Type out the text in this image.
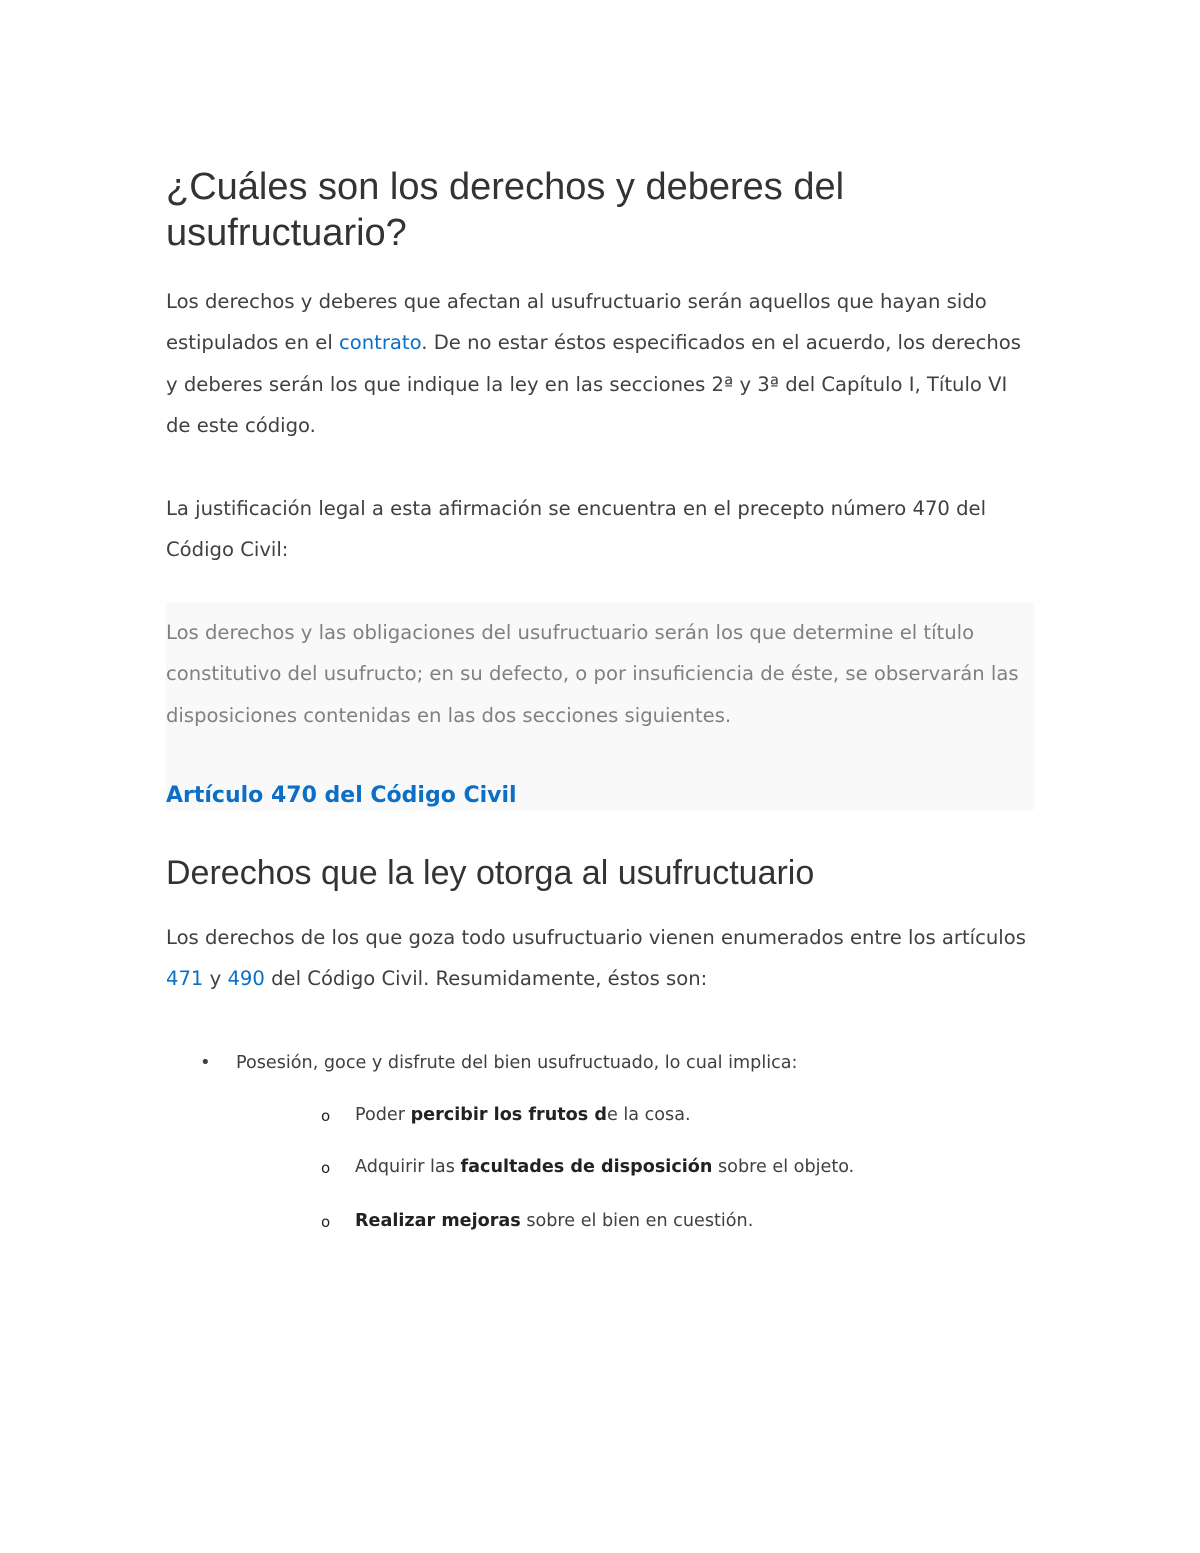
¿Cuáles son los derechos y deberes del usufructuario?

Los derechos y deberes que afectan al usufructuario serán aquellos que hayan sido estipulados en el contrato. De no estar éstos especificados en el acuerdo, los derechos y deberes serán los que indique la ley en las secciones 2ª y 3ª del Capítulo I, Título VI de este código.

La justificación legal a esta afirmación se encuentra en el precepto número 470 del Código Civil:

Los derechos y las obligaciones del usufructuario serán los que determine el título constitutivo del usufructo; en su defecto, o por insuficiencia de éste, se observarán las disposiciones contenidas en las dos secciones siguientes.

Artículo 470 del Código Civil
Derechos que la ley otorga al usufructuario

Los derechos de los que goza todo usufructuario vienen enumerados entre los artículos 471 y 490 del Código Civil. Resumidamente, éstos son:

• Posesión, goce y disfrute del bien usufructuado, lo cual implica:
o Poder percibir los frutos de la cosa.
o Adquirir las facultades de disposición sobre el objeto.
o Realizar mejoras sobre el bien en cuestión.
